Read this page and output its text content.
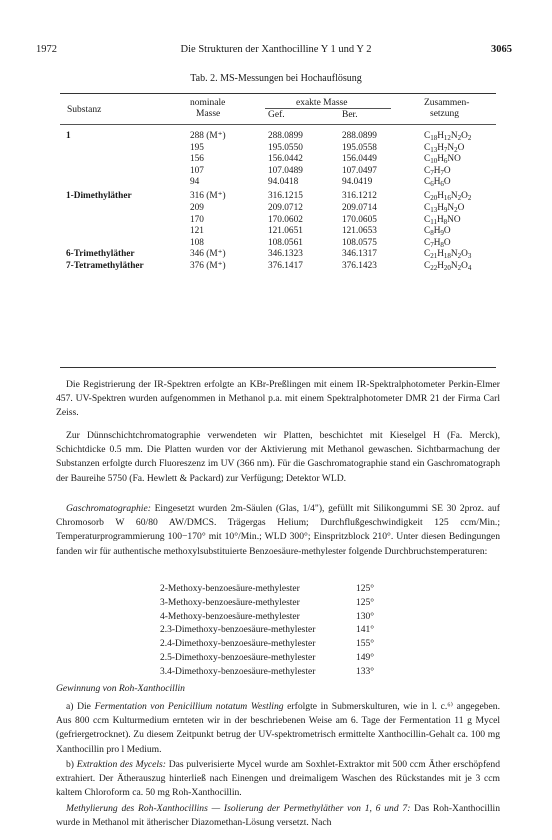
1972	Die Strukturen der Xanthocilline Y 1 und Y 2	3065
Tab. 2. MS-Messungen bei Hochauflösung
Substanz
nominale
Masse
exakte Masse
Gef.	Ber.
Zusammen-
setzung
1	288 (M⁺)	288.0899	288.0899	$C_{18}H_{12}N_2O_2$
195	195.0550	195.0558	$C_{13}H_7N_2O$
156	156.0442	156.0449	$C_{10}H_6NO$
107	107.0489	107.0497	$C_7H_7O$
94	94.0418	94.0419	$C_6H_6O$
1-Dimethyläther	316 (M⁺)	316.1215	316.1212	$C_{20}H_{16}N_2O_2$
209	209.0712	209.0714	$C_{13}H_9N_2O$
170	170.0602	170.0605	$C_{11}H_8NO$
121	121.0651	121.0653	$C_8H_9O$
108	108.0561	108.0575	$C_7H_8O$
6-Trimethyläther	346 (M⁺)	346.1323	346.1317	$C_{21}H_{18}N_2O_3$
7-Tetramethyläther	376 (M⁺)	376.1417	376.1423	$C_{22}H_{20}N_2O_4$
Die Registrierung der IR-Spektren erfolgte an KBr-Preßlingen mit einem IR-Spektralphotometer Perkin-Elmer 457. UV-Spektren wurden aufgenommen in Methanol p.a. mit einem Spektralphotometer DMR 21 der Firma Carl Zeiss.
Zur Dünnschichtchromatographie verwendeten wir Platten, beschichtet mit Kieselgel H (Fa. Merck), Schichtdicke 0.5 mm. Die Platten wurden vor der Aktivierung mit Methanol gewaschen. Sichtbarmachung der Substanzen erfolgte durch Fluoreszenz im UV (366 nm). Für die Gaschromatographie stand ein Gaschromatograph der Baureihe 5750 (Fa. Hewlett & Packard) zur Verfügung; Detektor WLD.
Gaschromatographie: Eingesetzt wurden 2m-Säulen (Glas, 1/4"), gefüllt mit Silikongummi SE 30 2proz. auf Chromosorb W 60/80 AW/DMCS. Trägergas Helium; Durchflußgeschwindigkeit 125 ccm/Min.; Temperaturprogrammierung 100−170° mit 10°/Min.; WLD 300°; Einspritzblock 210°. Unter diesen Bedingungen fanden wir für authentische methoxylsubstituierte Benzoesäure-methylester folgende Durchbruchstemperaturen:
2-Methoxy-benzoesäure-methylester	125°
3-Methoxy-benzoesäure-methylester	125°
4-Methoxy-benzoesäure-methylester	130°
2.3-Dimethoxy-benzoesäure-methylester	141°
2.4-Dimethoxy-benzoesäure-methylester	155°
2.5-Dimethoxy-benzoesäure-methylester	149°
3.4-Dimethoxy-benzoesäure-methylester	133°
Gewinnung von Roh-Xanthocillin
a) Die Fermentation von Penicillium notatum Westling erfolgte in Submerskulturen, wie in l. c.⁶⁾ angegeben. Aus 800 ccm Kulturmedium ernteten wir in der beschriebenen Weise am 6. Tage der Fermentation 11 g Mycel (gefriergetrocknet). Zu diesem Zeitpunkt betrug der UV-spektrometrisch ermittelte Xanthocillin-Gehalt ca. 100 mg Xanthocillin pro l Medium.
b) Extraktion des Mycels: Das pulverisierte Mycel wurde am Soxhlet-Extraktor mit 500 ccm Äther erschöpfend extrahiert. Der Ätherauszug hinterließ nach Einengen und dreimaligem Waschen des Rückstandes mit je 3 ccm kaltem Chloroform ca. 50 mg Roh-Xanthocillin.
Methylierung des Roh-Xanthocillins — Isolierung der Permethyläther von 1, 6 und 7: Das Roh-Xanthocillin wurde in Methanol mit ätherischer Diazomethan-Lösung versetzt. Nach
